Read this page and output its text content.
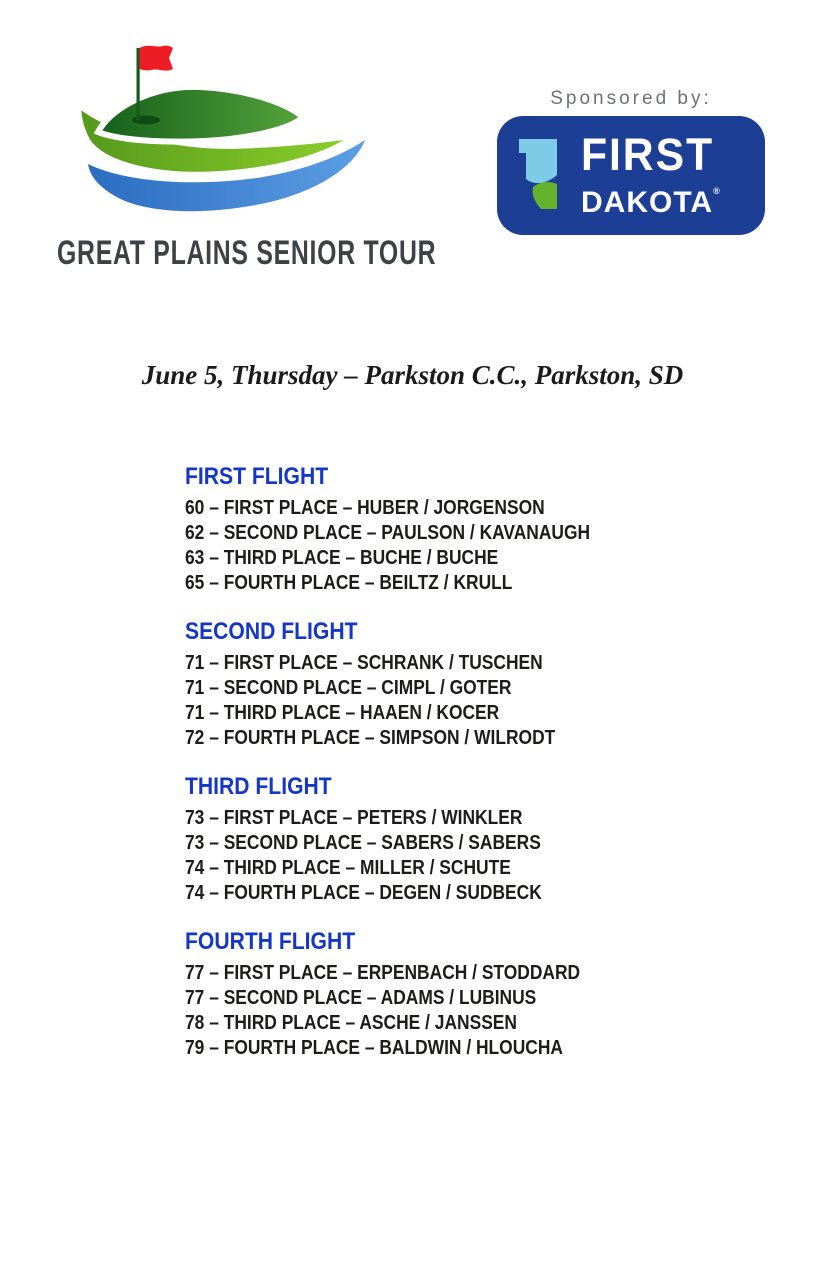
GREAT PLAINS SENIOR TOUR
Sponsored by:
FIRST
DAKOTA®
June 5, Thursday – Parkston C.C., Parkston, SD
FIRST FLIGHT
60 – FIRST PLACE – HUBER / JORGENSON
62 – SECOND PLACE – PAULSON / KAVANAUGH
63 – THIRD PLACE – BUCHE / BUCHE
65 – FOURTH PLACE – BEILTZ / KRULL
SECOND FLIGHT
71 – FIRST PLACE – SCHRANK / TUSCHEN
71 – SECOND PLACE – CIMPL / GOTER
71 – THIRD PLACE – HAAEN / KOCER
72 – FOURTH PLACE – SIMPSON / WILRODT
THIRD FLIGHT
73 – FIRST PLACE – PETERS / WINKLER
73 – SECOND PLACE – SABERS / SABERS
74 – THIRD PLACE – MILLER / SCHUTE
74 – FOURTH PLACE – DEGEN / SUDBECK
FOURTH FLIGHT
77 – FIRST PLACE – ERPENBACH / STODDARD
77 – SECOND PLACE – ADAMS / LUBINUS
78 – THIRD PLACE – ASCHE / JANSSEN
79 – FOURTH PLACE – BALDWIN / HLOUCHA
